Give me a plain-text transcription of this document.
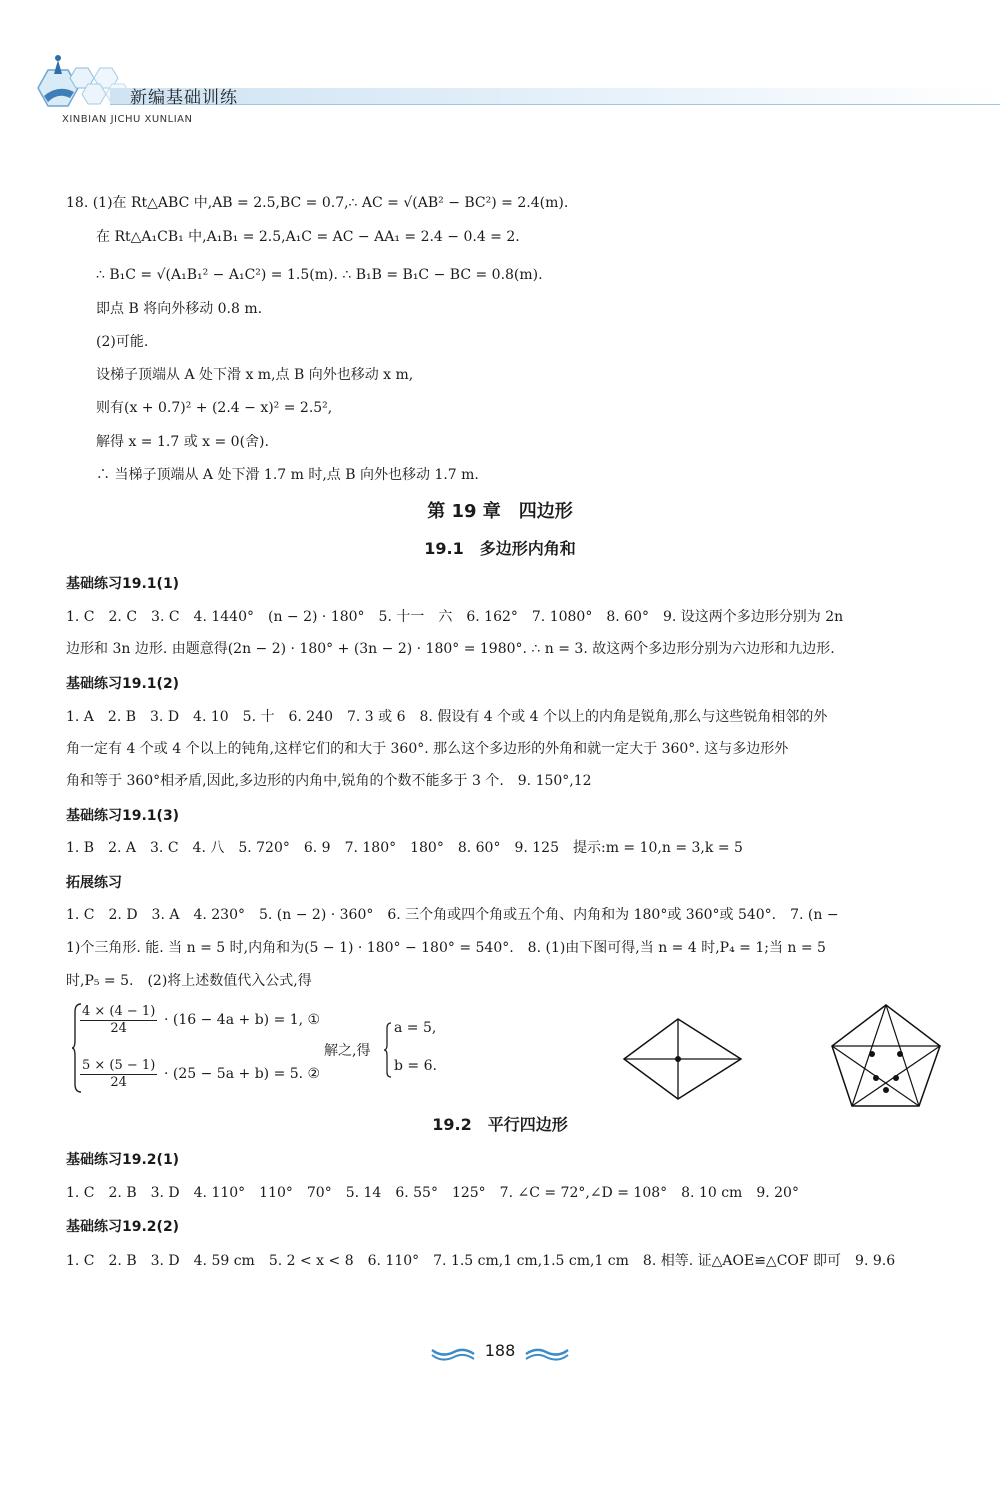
新编基础训练
XINBIAN JICHU XUNLIAN
18. (1)在 Rt△ABC 中,AB = 2.5,BC = 0.7,∴ AC = √(AB² − BC²) = 2.4(m).
在 Rt△A₁CB₁ 中,A₁B₁ = 2.5,A₁C = AC − AA₁ = 2.4 − 0.4 = 2.
∴ B₁C = √(A₁B₁² − A₁C²) = 1.5(m). ∴ B₁B = B₁C − BC = 0.8(m).
即点 B 将向外移动 0.8 m.
(2)可能.
设梯子顶端从 A 处下滑 x m,点 B 向外也移动 x m,
则有(x + 0.7)² + (2.4 − x)² = 2.5²,
解得 x = 1.7 或 x = 0(舍).
∴ 当梯子顶端从 A 处下滑 1.7 m 时,点 B 向外也移动 1.7 m.
第 19 章　四边形
19.1　多边形内角和
基础练习19.1(1)
1. C　2. C　3. C　4. 1440°　(n − 2) · 180°　5. 十一　六　6. 162°　7. 1080°　8. 60°　9. 设这两个多边形分别为 2n
边形和 3n 边形. 由题意得(2n − 2) · 180° + (3n − 2) · 180° = 1980°. ∴ n = 3. 故这两个多边形分别为六边形和九边形.
基础练习19.1(2)
1. A　2. B　3. D　4. 10　5. 十　6. 240　7. 3 或 6　8. 假设有 4 个或 4 个以上的内角是锐角,那么与这些锐角相邻的外
角一定有 4 个或 4 个以上的钝角,这样它们的和大于 360°. 那么这个多边形的外角和就一定大于 360°. 这与多边形外
角和等于 360°相矛盾,因此,多边形的内角中,锐角的个数不能多于 3 个.　9. 150°,12
基础练习19.1(3)
1. B　2. A　3. C　4. 八　5. 720°　6. 9　7. 180°　180°　8. 60°　9. 125　提示:m = 10,n = 3,k = 5
拓展练习
1. C　2. D　3. A　4. 230°　5. (n − 2) · 360°　6. 三个角或四个角或五个角、内角和为 180°或 360°或 540°.　7. (n −
1)个三角形. 能. 当 n = 5 时,内角和为(5 − 1) · 180° − 180° = 540°.　8. (1)由下图可得,当 n = 4 时,P₄ = 1;当 n = 5
时,P₅ = 5.　(2)将上述数值代入公式,得
$\frac{4 \times (4 - 1)}{24} \cdot (16 - 4a + b) = 1$, ①
$\frac{5 \times (5 - 1)}{24} \cdot (25 - 5a + b) = 5$. ②
解之,得
a = 5,
b = 6.
19.2　平行四边形
基础练习19.2(1)
1. C　2. B　3. D　4. 110°　110°　70°　5. 14　6. 55°　125°　7. ∠C = 72°,∠D = 108°　8. 10 cm　9. 20°
基础练习19.2(2)
1. C　2. B　3. D　4. 59 cm　5. 2 < x < 8　6. 110°　7. 1.5 cm,1 cm,1.5 cm,1 cm　8. 相等. 证△AOE≌△COF 即可　9. 9.6
188
